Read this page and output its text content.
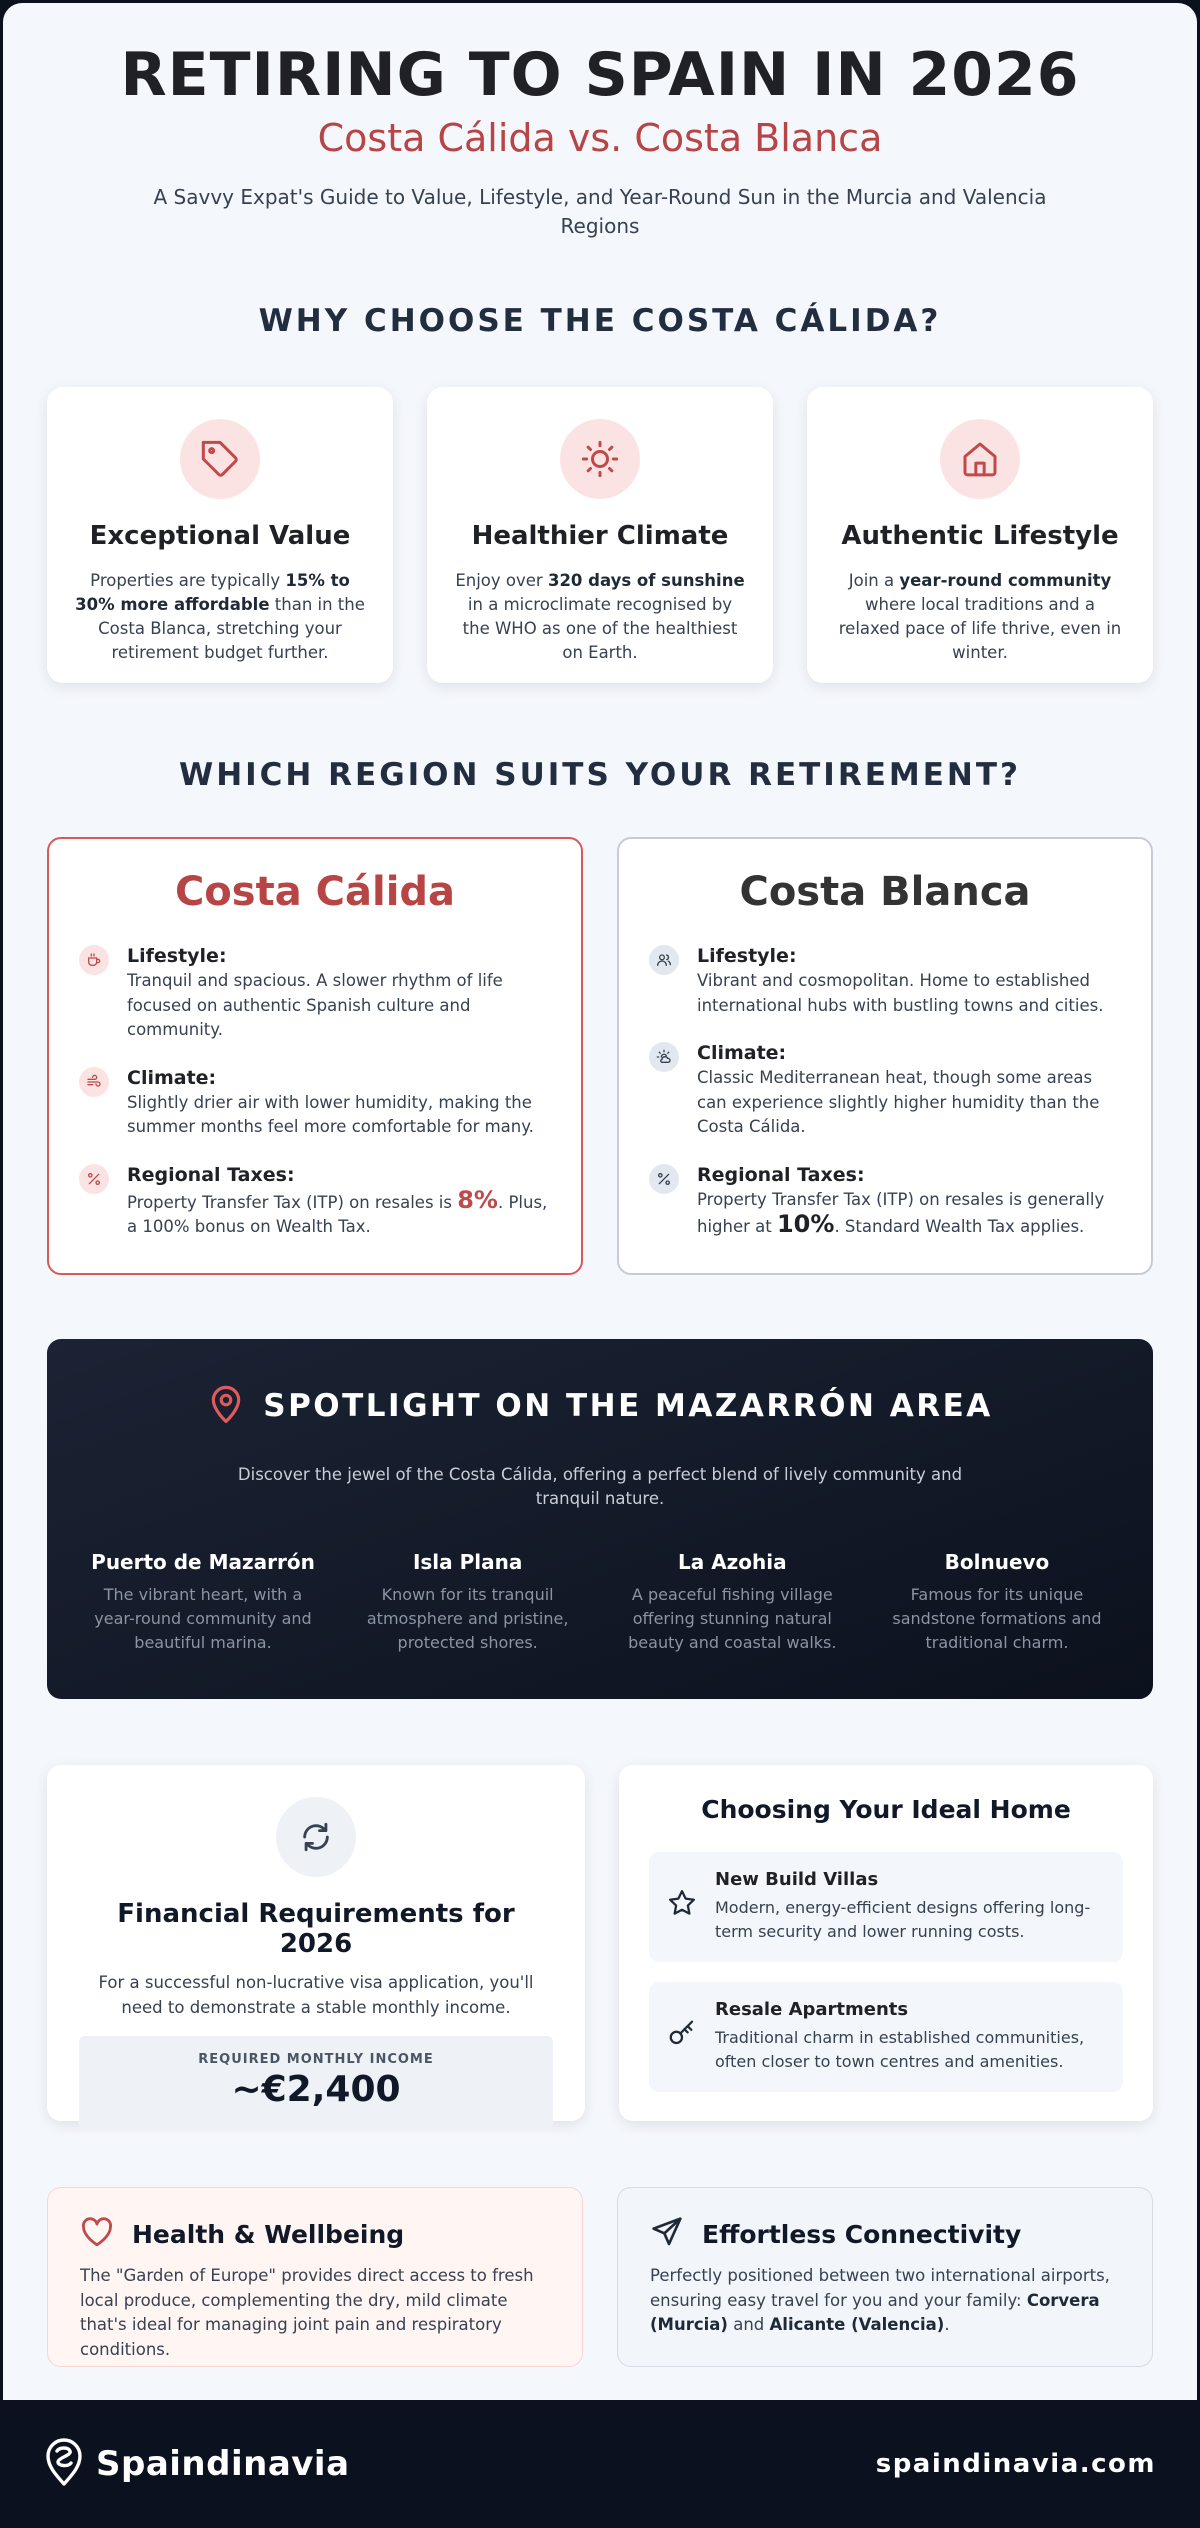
RETIRING TO SPAIN IN 2026
Costa Cálida vs. Costa Blanca

A Savvy Expat's Guide to Value, Lifestyle, and Year-Round Sun in the Murcia and Valencia Regions

WHY CHOOSE THE COSTA CÁLIDA?
Exceptional Value

Properties are typically 15% to 30% more affordable than in the Costa Blanca, stretching your retirement budget further.

Healthier Climate

Enjoy over 320 days of sunshine in a microclimate recognised by the WHO as one of the healthiest on Earth.

Authentic Lifestyle

Join a year-round community where local traditions and a relaxed pace of life thrive, even in winter.

WHICH REGION SUITS YOUR RETIREMENT?
Costa Cálida
Lifestyle:

Tranquil and spacious. A slower rhythm of life focused on authentic Spanish culture and community.

Climate:

Slightly drier air with lower humidity, making the summer months feel more comfortable for many.

Regional Taxes:

Property Transfer Tax (ITP) on resales is 8%. Plus, a 100% bonus on Wealth Tax.

Costa Blanca
Lifestyle:

Vibrant and cosmopolitan. Home to established international hubs with bustling towns and cities.

Climate:

Classic Mediterranean heat, though some areas can experience slightly higher humidity than the Costa Cálida.

Regional Taxes:

Property Transfer Tax (ITP) on resales is generally higher at 10%. Standard Wealth Tax applies.

SPOTLIGHT ON THE MAZARRÓN AREA

Discover the jewel of the Costa Cálida, offering a perfect blend of lively community and tranquil nature.

Puerto de Mazarrón

The vibrant heart, with a year-round community and beautiful marina.

Isla Plana

Known for its tranquil atmosphere and pristine, protected shores.

La Azohia

A peaceful fishing village offering stunning natural beauty and coastal walks.

Bolnuevo

Famous for its unique sandstone formations and traditional charm.

Financial Requirements for 2026

For a successful non-lucrative visa application, you'll need to demonstrate a stable monthly income.

REQUIRED MONTHLY INCOME
~€2,400
Choosing Your Ideal Home
New Build Villas

Modern, energy-efficient designs offering long-term security and lower running costs.

Resale Apartments

Traditional charm in established communities, often closer to town centres and amenities.

Health & Wellbeing

The "Garden of Europe" provides direct access to fresh local produce, complementing the dry, mild climate that's ideal for managing joint pain and respiratory conditions.

Effortless Connectivity

Perfectly positioned between two international airports, ensuring easy travel for you and your family: Corvera (Murcia) and Alicante (Valencia).

Spaindinavia	spaindinavia.com
